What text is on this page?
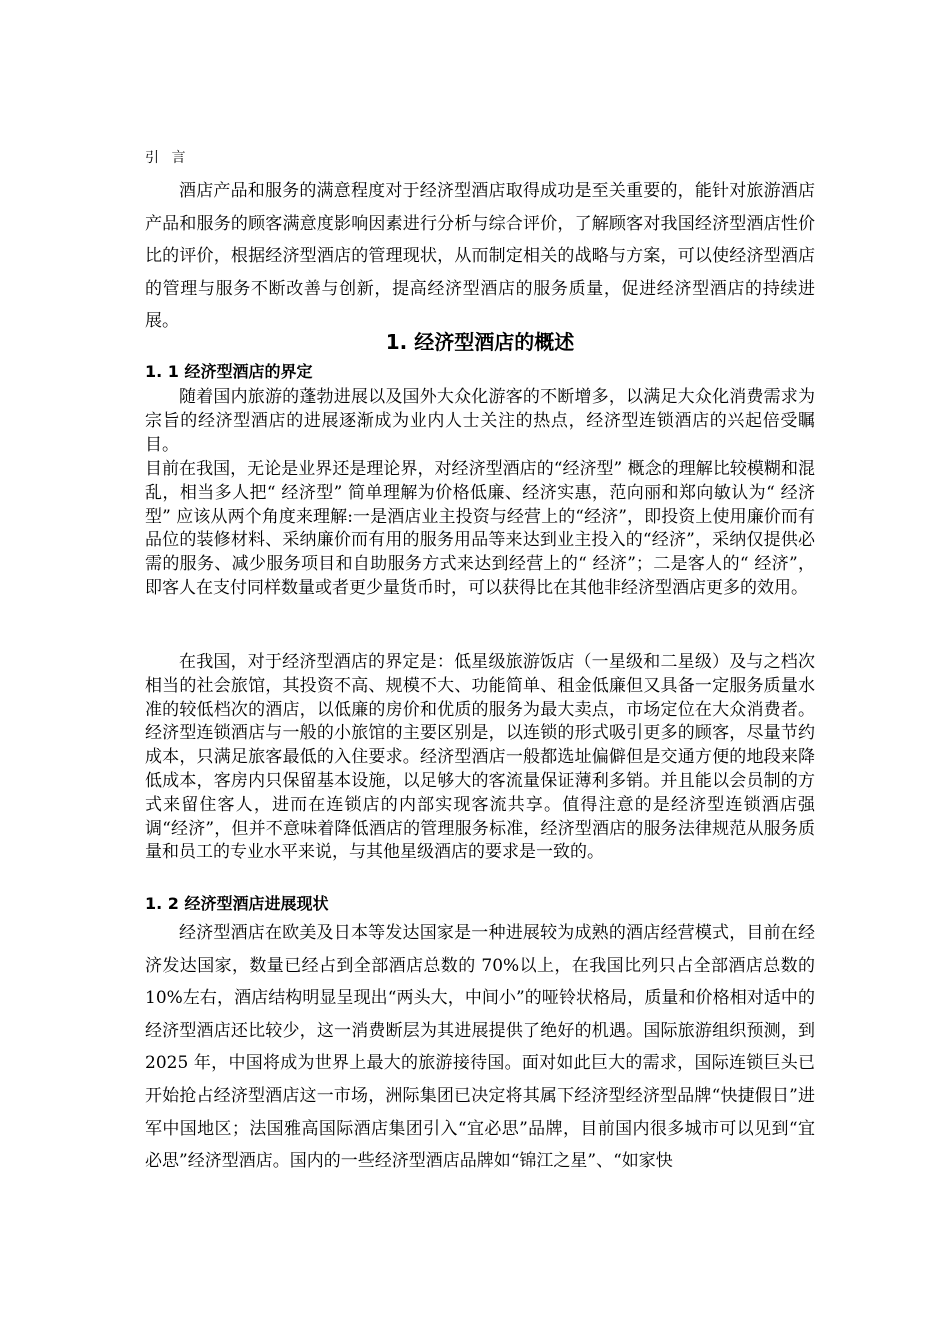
引 言

酒店产品和服务的满意程度对于经济型酒店取得成功是至关重要的，能针对旅游酒店产品和服务的顾客满意度影响因素进行分析与综合评价，了解顾客对我国经济型酒店性价比的评价，根据经济型酒店的管理现状，从而制定相关的战略与方案，可以使经济型酒店的管理与服务不断改善与创新，提高经济型酒店的服务质量，促进经济型酒店的持续进展。

1. 经济型酒店的概述
1. 1 经济型酒店的界定

随着国内旅游的蓬勃进展以及国外大众化游客的不断增多，以满足大众化消费需求为宗旨的经济型酒店的进展逐渐成为业内人士关注的热点，经济型连锁酒店的兴起倍受瞩目。

目前在我国，无论是业界还是理论界，对经济型酒店的“经济型” 概念的理解比较模糊和混乱，相当多人把“ 经济型” 简单理解为价格低廉、经济实惠，范向丽和郑向敏认为“ 经济型” 应该从两个角度来理解:一是酒店业主投资与经营上的“经济”，即投资上使用廉价而有品位的装修材料、采纳廉价而有用的服务用品等来达到业主投入的“经济”，采纳仅提供必需的服务、减少服务项目和自助服务方式来达到经营上的“ 经济”；二是客人的“ 经济”，即客人在支付同样数量或者更少量货币时，可以获得比在其他非经济型酒店更多的效用。

在我国，对于经济型酒店的界定是：低星级旅游饭店（一星级和二星级）及与之档次相当的社会旅馆，其投资不高、规模不大、功能简单、租金低廉但又具备一定服务质量水准的较低档次的酒店，以低廉的房价和优质的服务为最大卖点，市场定位在大众消费者。经济型连锁酒店与一般的小旅馆的主要区别是，以连锁的形式吸引更多的顾客，尽量节约成本，只满足旅客最低的入住要求。经济型酒店一般都选址偏僻但是交通方便的地段来降低成本，客房内只保留基本设施，以足够大的客流量保证薄利多销。并且能以会员制的方式来留住客人，进而在连锁店的内部实现客流共享。值得注意的是经济型连锁酒店强调“经济”，但并不意味着降低酒店的管理服务标准，经济型酒店的服务法律规范从服务质量和员工的专业水平来说，与其他星级酒店的要求是一致的。

1. 2 经济型酒店进展现状

经济型酒店在欧美及日本等发达国家是一种进展较为成熟的酒店经营模式，目前在经济发达国家，数量已经占到全部酒店总数的 70%以上，在我国比列只占全部酒店总数的 10%左右，酒店结构明显呈现出“两头大，中间小”的哑铃状格局，质量和价格相对适中的经济型酒店还比较少，这一消费断层为其进展提供了绝好的机遇。国际旅游组织预测，到 2025 年，中国将成为世界上最大的旅游接待国。面对如此巨大的需求，国际连锁巨头已开始抢占经济型酒店这一市场，洲际集团已决定将其属下经济型经济型品牌“快捷假日”进军中国地区；法国雅高国际酒店集团引入“宜必思”品牌，目前国内很多城市可以见到“宜必思”经济型酒店。国内的一些经济型酒店品牌如“锦江之星”、“如家快
